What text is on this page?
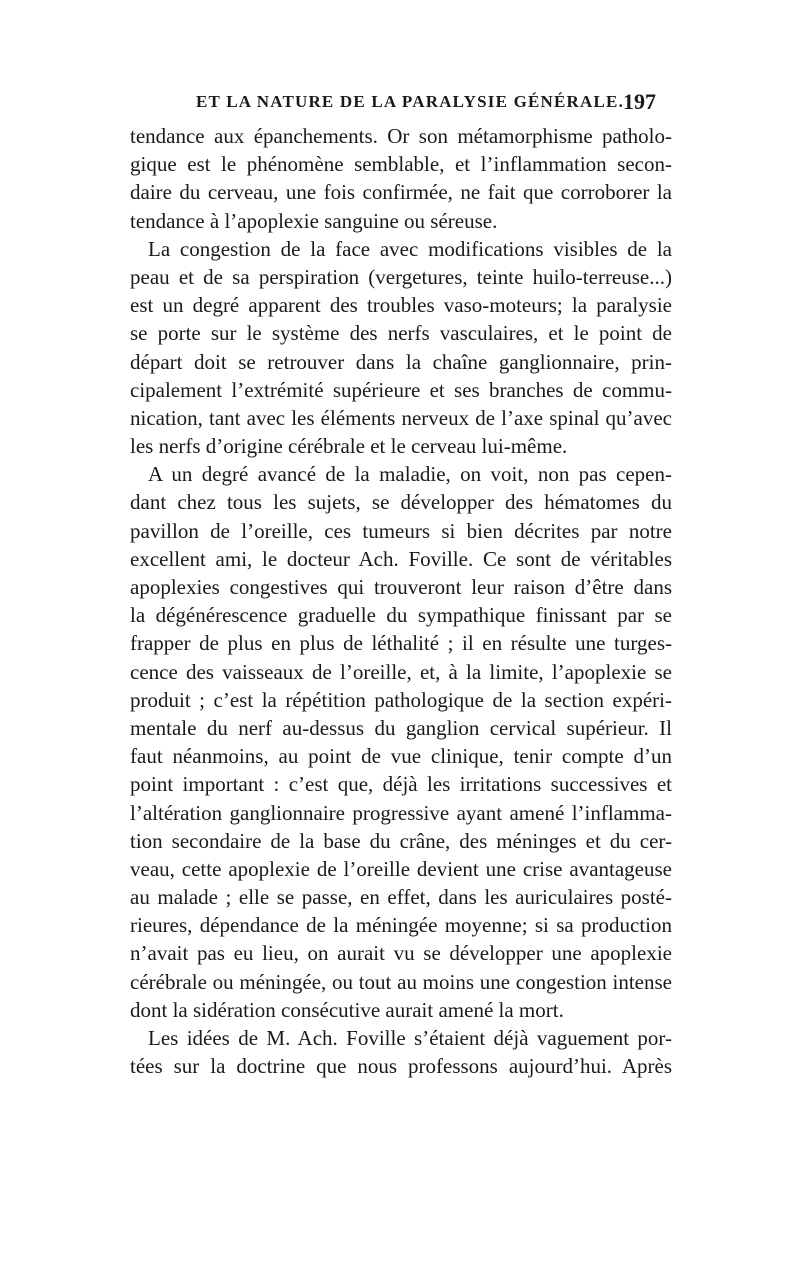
ET LA NATURE DE LA PARALYSIE GÉNÉRALE.
197
tendance aux épanchements. Or son métamorphisme patholo-
gique est le phénomène semblable, et l’inflammation secon-
daire du cerveau, une fois confirmée, ne fait que corroborer la
tendance à l’apoplexie sanguine ou séreuse.
La congestion de la face avec modifications visibles de la
peau et de sa perspiration (vergetures, teinte huilo-terreuse...)
est un degré apparent des troubles vaso-moteurs; la paralysie
se porte sur le système des nerfs vasculaires, et le point de
départ doit se retrouver dans la chaîne ganglionnaire, prin-
cipalement l’extrémité supérieure et ses branches de commu-
nication, tant avec les éléments nerveux de l’axe spinal qu’avec
les nerfs d’origine cérébrale et le cerveau lui-même.
A un degré avancé de la maladie, on voit, non pas cepen-
dant chez tous les sujets, se développer des hématomes du
pavillon de l’oreille, ces tumeurs si bien décrites par notre
excellent ami, le docteur Ach. Foville. Ce sont de véritables
apoplexies congestives qui trouveront leur raison d’être dans
la dégénérescence graduelle du sympathique finissant par se
frapper de plus en plus de léthalité ; il en résulte une turges-
cence des vaisseaux de l’oreille, et, à la limite, l’apoplexie se
produit ; c’est la répétition pathologique de la section expéri-
mentale du nerf au-dessus du ganglion cervical supérieur. Il
faut néanmoins, au point de vue clinique, tenir compte d’un
point important : c’est que, déjà les irritations successives et
l’altération ganglionnaire progressive ayant amené l’inflamma-
tion secondaire de la base du crâne, des méninges et du cer-
veau, cette apoplexie de l’oreille devient une crise avantageuse
au malade ; elle se passe, en effet, dans les auriculaires posté-
rieures, dépendance de la méningée moyenne; si sa production
n’avait pas eu lieu, on aurait vu se développer une apoplexie
cérébrale ou méningée, ou tout au moins une congestion intense
dont la sidération consécutive aurait amené la mort.
Les idées de M. Ach. Foville s’étaient déjà vaguement por-
tées sur la doctrine que nous professons aujourd’hui. Après
